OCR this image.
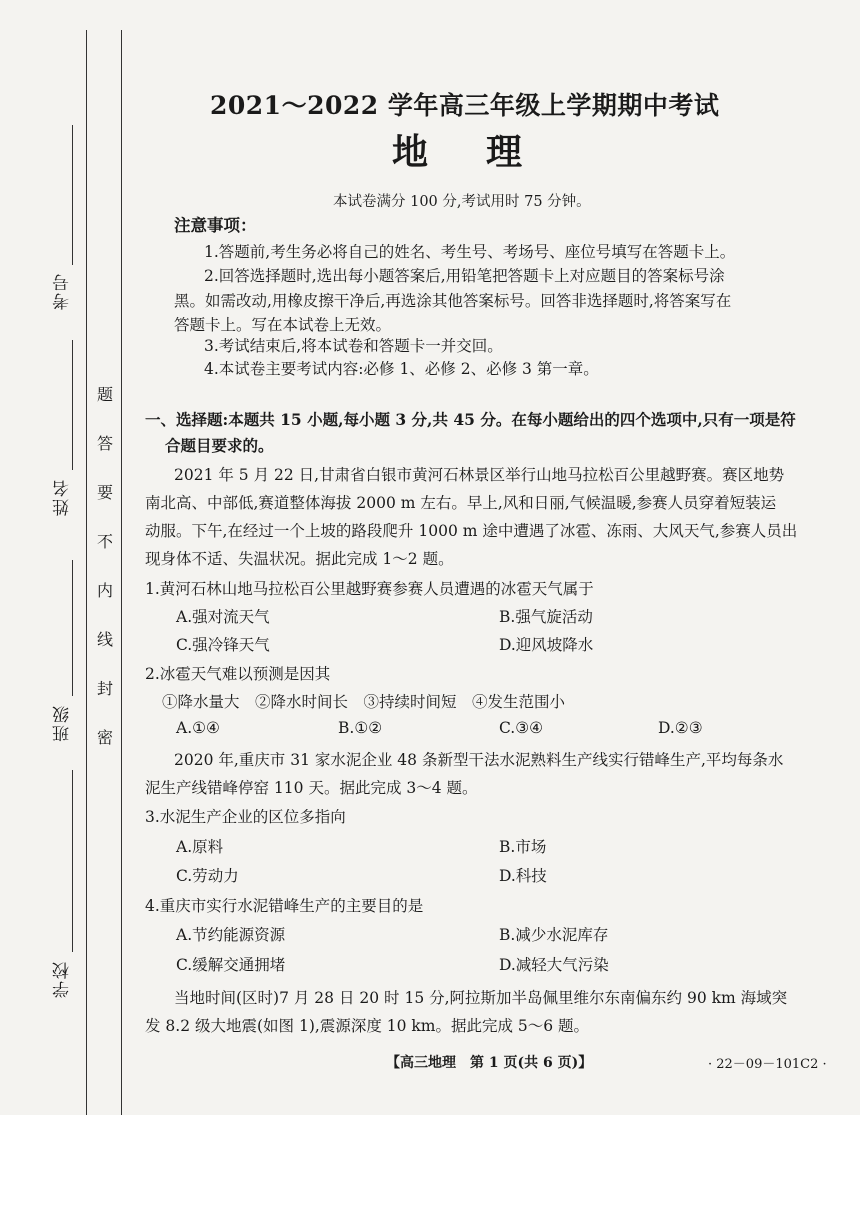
考号
姓名
班级
学校
题
答
要
不
内
线
封
密
2021～2022 学年高三年级上学期期中考试
地理
本试卷满分 100 分,考试用时 75 分钟。
注意事项：
1.答题前,考生务必将自己的姓名、考生号、考场号、座位号填写在答题卡上。
2.回答选择题时,选出每小题答案后,用铅笔把答题卡上对应题目的答案标号涂
黑。如需改动,用橡皮擦干净后,再选涂其他答案标号。回答非选择题时,将答案写在
答题卡上。写在本试卷上无效。
3.考试结束后,将本试卷和答题卡一并交回。
4.本试卷主要考试内容:必修 1、必修 2、必修 3 第一章。
一、选择题:本题共 15 小题,每小题 3 分,共 45 分。在每小题给出的四个选项中,只有一项是符
合题目要求的。
2021 年 5 月 22 日,甘肃省白银市黄河石林景区举行山地马拉松百公里越野赛。赛区地势
南北高、中部低,赛道整体海拔 2000 m 左右。早上,风和日丽,气候温暖,参赛人员穿着短装运
动服。下午,在经过一个上坡的路段爬升 1000 m 途中遭遇了冰雹、冻雨、大风天气,参赛人员出
现身体不适、失温状况。据此完成 1～2 题。
1.黄河石林山地马拉松百公里越野赛参赛人员遭遇的冰雹天气属于
A.强对流天气	B.强气旋活动
C.强冷锋天气	D.迎风坡降水
2.冰雹天气难以预测是因其
①降水量大　②降水时间长　③持续时间短　④发生范围小
A.①④	B.①②	C.③④	D.②③
2020 年,重庆市 31 家水泥企业 48 条新型干法水泥熟料生产线实行错峰生产,平均每条水
泥生产线错峰停窑 110 天。据此完成 3～4 题。
3.水泥生产企业的区位多指向
A.原料	B.市场
C.劳动力	D.科技
4.重庆市实行水泥错峰生产的主要目的是
A.节约能源资源	B.减少水泥库存
C.缓解交通拥堵	D.减轻大气污染
当地时间(区时)7 月 28 日 20 时 15 分,阿拉斯加半岛佩里维尔东南偏东约 90 km 海域突
发 8.2 级大地震(如图 1),震源深度 10 km。据此完成 5～6 题。
【高三地理　第 1 页(共 6 页)】	· 22－09－101C2 ·
